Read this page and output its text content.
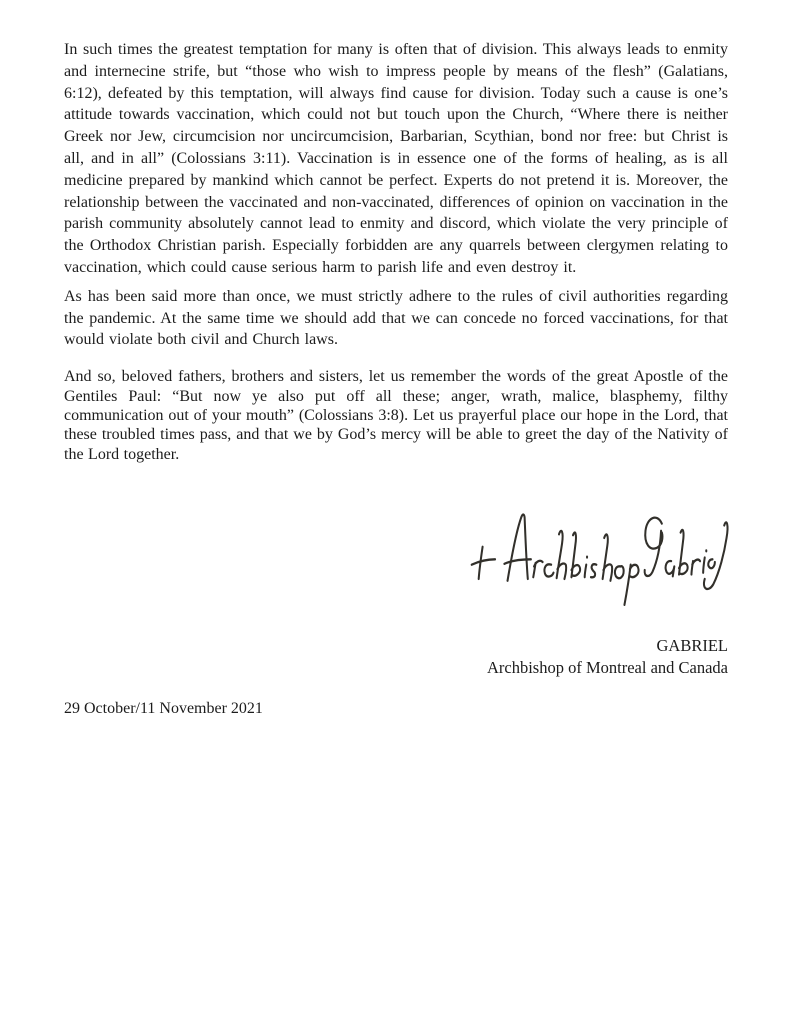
In such times the greatest temptation for many is often that of division. This always leads to enmity and internecine strife, but “those who wish to impress people by means of the flesh” (Galatians, 6:12), defeated by this temptation, will always find cause for division. Today such a cause is one’s attitude towards vaccination, which could not but touch upon the Church, “Where there is neither Greek nor Jew, circumcision nor uncircumcision, Barbarian, Scythian, bond nor free: but Christ is all, and in all” (Colossians 3:11). Vaccination is in essence one of the forms of healing, as is all medicine prepared by mankind which cannot be perfect. Experts do not pretend it is. Moreover, the relationship between the vaccinated and non-vaccinated, differences of opinion on vaccination in the parish community absolutely cannot lead to enmity and discord, which violate the very principle of the Orthodox Christian parish. Especially forbidden are any quarrels between clergymen relating to vaccination, which could cause serious harm to parish life and even destroy it.

As has been said more than once, we must strictly adhere to the rules of civil authorities regarding the pandemic. At the same time we should add that we can concede no forced vaccinations, for that would violate both civil and Church laws.

And so, beloved fathers, brothers and sisters, let us remember the words of the great Apostle of the Gentiles Paul: “But now ye also put off all these; anger, wrath, malice, blasphemy, filthy communication out of your mouth” (Colossians 3:8). Let us prayerful place our hope in the Lord, that these troubled times pass, and that we by God’s mercy will be able to greet the day of the Nativity of the Lord together.

GABRIEL
Archbishop of Montreal and Canada
29 October/11 November 2021
